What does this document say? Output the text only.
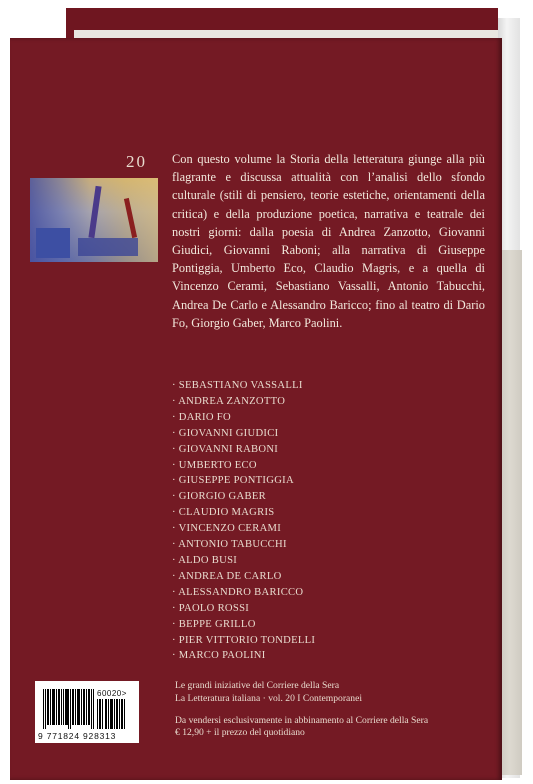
20 Con questo volume la Storia della letteratura giunge alla più flagrante e discussa attualità con l’analisi dello sfondo culturale (stili di pensiero, teorie estetiche, orientamenti della critica) e della produzione poetica, narrativa e teatrale dei nostri giorni: dalla poesia di Andrea Zanzotto, Giovanni Giudici, Giovanni Raboni; alla narrativa di Giuseppe Pontiggia, Umberto Eco, Claudio Magris, e a quella di Vincenzo Cerami, Sebastiano Vassalli, Antonio Tabucchi, Andrea De Carlo e Alessandro Baricco; fino al teatro di Dario Fo, Giorgio Gaber, Marco Paolini.
· SEBASTIANO VASSALLI
· ANDREA ZANZOTTO
· DARIO FO
· GIOVANNI GIUDICI
· GIOVANNI RABONI
· UMBERTO ECO
· GIUSEPPE PONTIGGIA
· GIORGIO GABER
· CLAUDIO MAGRIS
· VINCENZO CERAMI
· ANTONIO TABUCCHI
· ALDO BUSI
· ANDREA DE CARLO
· ALESSANDRO BARICCO
· PAOLO ROSSI
· BEPPE GRILLO
· PIER VITTORIO TONDELLI
· MARCO PAOLINI
60020>
9 771824 928313
Le grandi iniziative del Corriere della Sera
La Letteratura italiana · vol. 20 I Contemporanei
Da vendersi esclusivamente in abbinamento al Corriere della Sera
€ 12,90 + il prezzo del quotidiano
